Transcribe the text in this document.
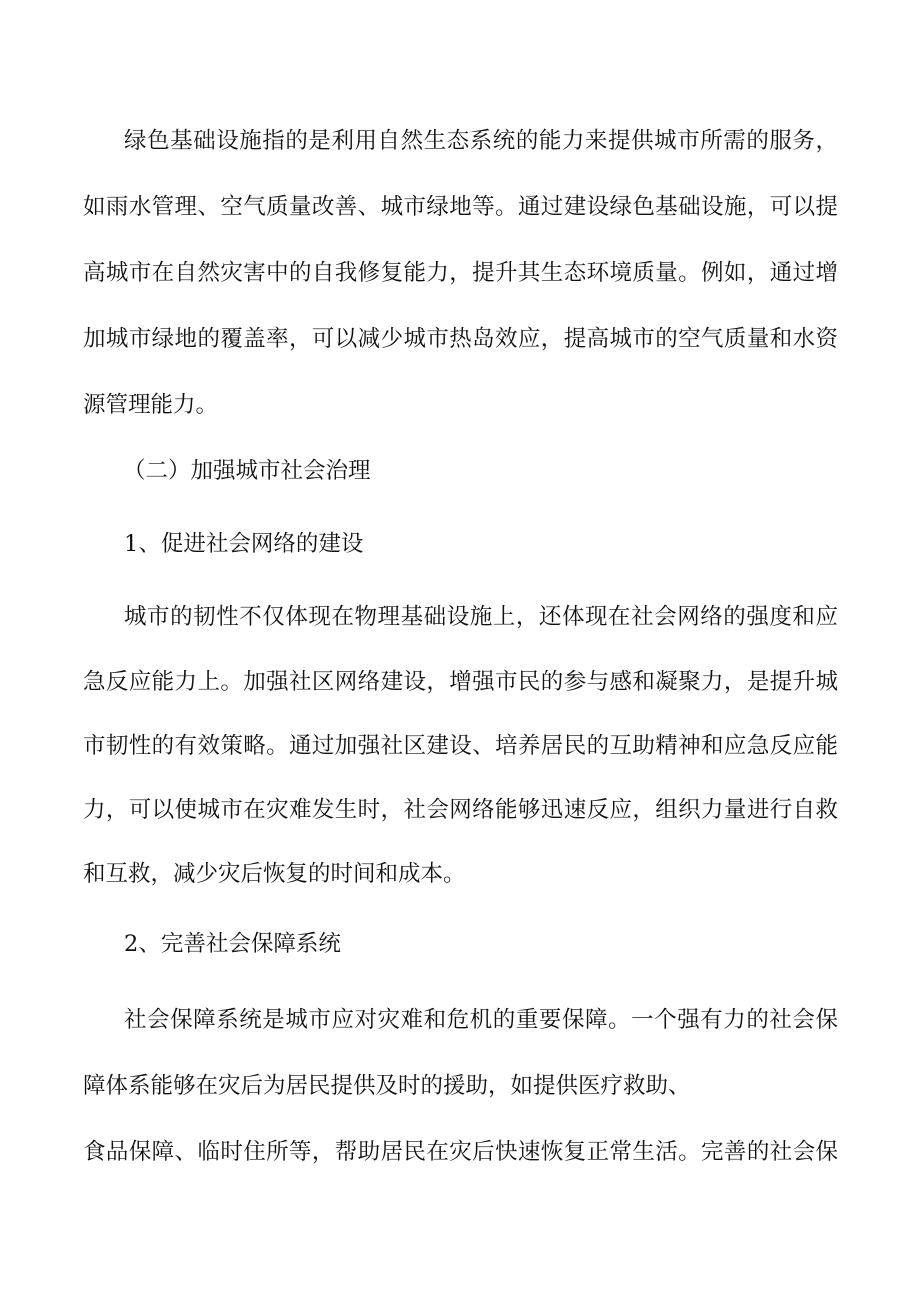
绿色基础设施指的是利用自然生态系统的能力来提供城市所需的服务，

如雨水管理、空气质量改善、城市绿地等。通过建设绿色基础设施，可以提

高城市在自然灾害中的自我修复能力，提升其生态环境质量。例如，通过增

加城市绿地的覆盖率，可以减少城市热岛效应，提高城市的空气质量和水资

源管理能力。

（二）加强城市社会治理

1、促进社会网络的建设

城市的韧性不仅体现在物理基础设施上，还体现在社会网络的强度和应

急反应能力上。加强社区网络建设，增强市民的参与感和凝聚力，是提升城

市韧性的有效策略。通过加强社区建设、培养居民的互助精神和应急反应能

力，可以使城市在灾难发生时，社会网络能够迅速反应，组织力量进行自救

和互救，减少灾后恢复的时间和成本。

2、完善社会保障系统

社会保障系统是城市应对灾难和危机的重要保障。一个强有力的社会保

障体系能够在灾后为居民提供及时的援助，如提供医疗救助、

食品保障、临时住所等，帮助居民在灾后快速恢复正常生活。完善的社会保
